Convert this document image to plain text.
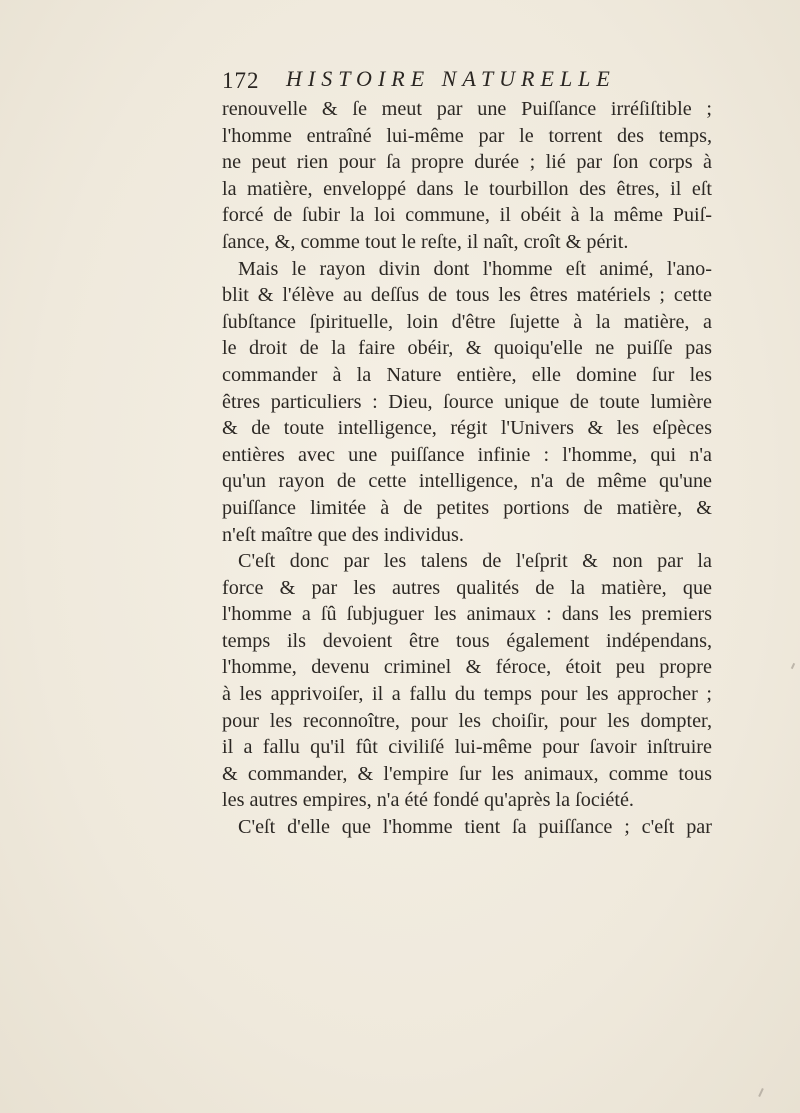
172 HISTOIRE NATURELLE
renouvelle & ſe meut par une Puiſſance irréſiſtible ;
l'homme entraîné lui-même par le torrent des temps,
ne peut rien pour ſa propre durée ; lié par ſon corps à
la matière, enveloppé dans le tourbillon des êtres, il eſt
forcé de ſubir la loi commune, il obéit à la même Puiſ-
ſance, &, comme tout le reſte, il naît, croît & périt.
Mais le rayon divin dont l'homme eſt animé, l'ano-
blit & l'élève au deſſus de tous les êtres matériels ; cette
ſubſtance ſpirituelle, loin d'être ſujette à la matière, a
le droit de la faire obéir, & quoiqu'elle ne puiſſe pas
commander à la Nature entière, elle domine ſur les
êtres particuliers : Dieu, ſource unique de toute lumière
& de toute intelligence, régit l'Univers & les eſpèces
entières avec une puiſſance infinie : l'homme, qui n'a
qu'un rayon de cette intelligence, n'a de même qu'une
puiſſance limitée à de petites portions de matière, &
n'eſt maître que des individus.
C'eſt donc par les talens de l'eſprit & non par la
force & par les autres qualités de la matière, que
l'homme a ſû ſubjuguer les animaux : dans les premiers
temps ils devoient être tous également indépendans,
l'homme, devenu criminel & féroce, étoit peu propre
à les apprivoiſer, il a fallu du temps pour les approcher ;
pour les reconnoître, pour les choiſir, pour les dompter,
il a fallu qu'il fût civiliſé lui-même pour ſavoir inſtruire
& commander, & l'empire ſur les animaux, comme tous
les autres empires, n'a été fondé qu'après la ſociété.
C'eſt d'elle que l'homme tient ſa puiſſance ; c'eſt par
